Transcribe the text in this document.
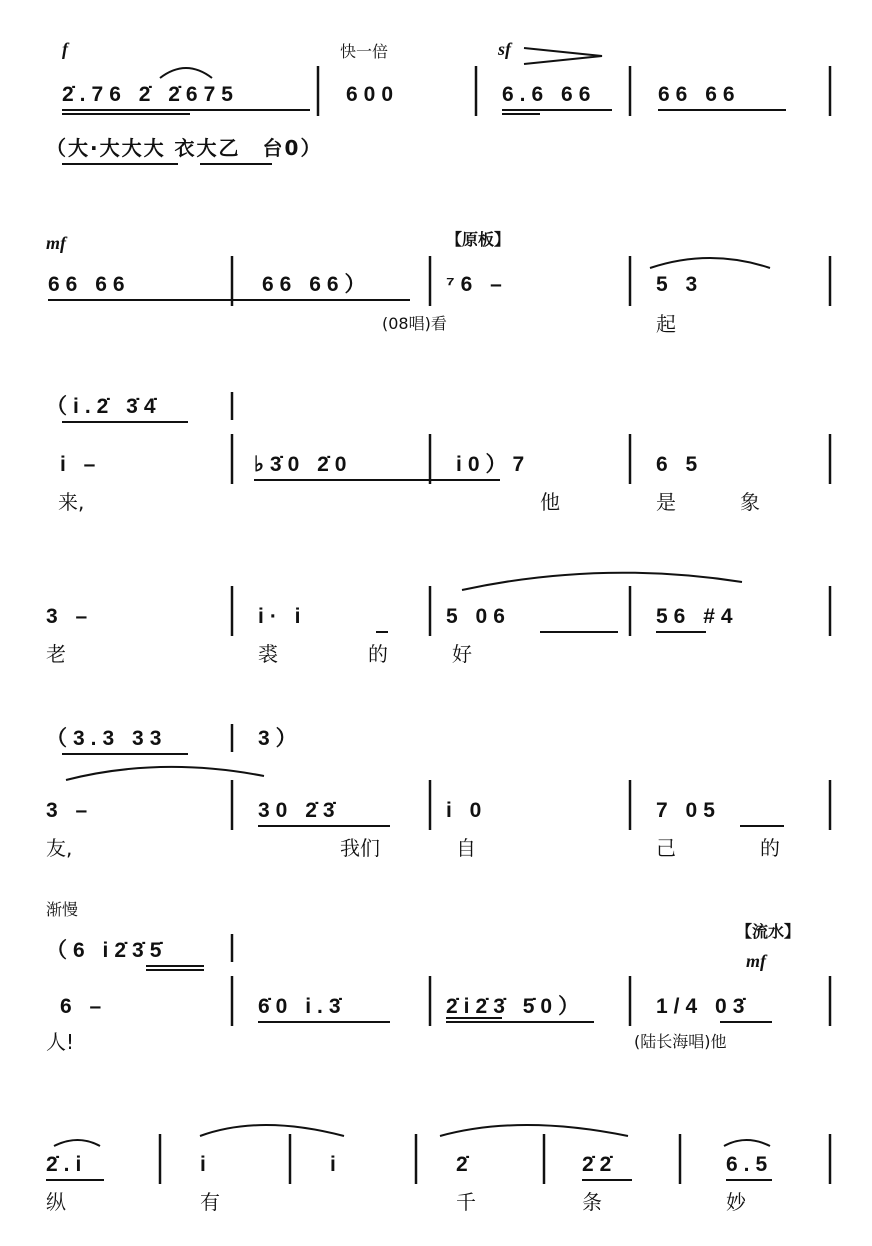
f	快一倍	sf
2̇.76 2̇ 2̇675	600	6.6 66	66 66
（大·大大大 衣大乙　台0）
mf	【原板】
66 66	66 66）	⁷6 –	5 3
(08唱)看	起
（i.2̇ 3̇4̇
i –	♭3̇0 2̇0	i0）7	6 5
来,	他	是	象
3 –	i· i	5 06	56 #4
老	裘	的	好
（3.3 33	3）
3 –	30 2̇3̇	i 0	7 05
友,	我们	自	己	的
渐慢
【流水】
mf
（6 i2̇3̇5̇
6 –	6̇0 i.3̇	2̇i2̇3̇ 5̇0）	1/4 03̇
人!	(陆长海唱)他
2̇.i	i	i	2̇	2̇2̇	6.5
纵	有	千	条	妙
